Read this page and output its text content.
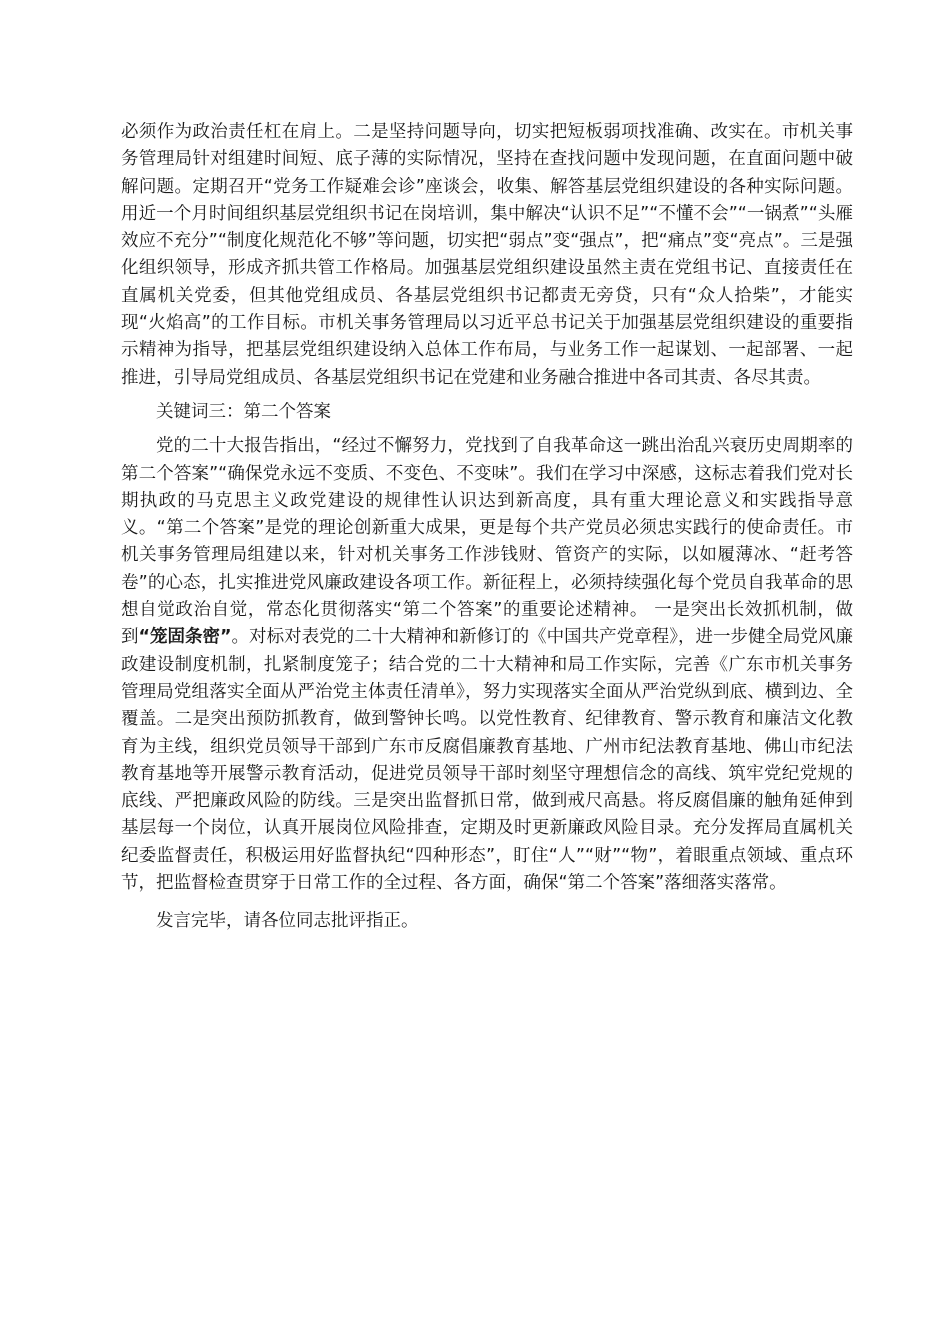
必须作为政治责任杠在肩上。二是坚持问题导向，切实把短板弱项找准确、改实在。市机关事务管理局针对组建时间短、底子薄的实际情况，坚持在查找问题中发现问题，在直面问题中破解问题。定期召开“党务工作疑难会诊”座谈会，收集、解答基层党组织建设的各种实际问题。用近一个月时间组织基层党组织书记在岗培训，集中解决“认识不足”“不懂不会”“一锅煮”“头雁效应不充分”“制度化规范化不够”等问题，切实把“弱点”变“强点”，把“痛点”变“亮点”。三是强化组织领导，形成齐抓共管工作格局。加强基层党组织建设虽然主责在党组书记、直接责任在直属机关党委，但其他党组成员、各基层党组织书记都责无旁贷，只有“众人拾柴”，才能实现“火焰高”的工作目标。市机关事务管理局以习近平总书记关于加强基层党组织建设的重要指示精神为指导，把基层党组织建设纳入总体工作布局，与业务工作一起谋划、一起部署、一起推进，引导局党组成员、各基层党组织书记在党建和业务融合推进中各司其责、各尽其责。

关键词三：第二个答案

党的二十大报告指出，“经过不懈努力，党找到了自我革命这一跳出治乱兴衰历史周期率的第二个答案”“确保党永远不变质、不变色、不变味”。我们在学习中深感，这标志着我们党对长期执政的马克思主义政党建设的规律性认识达到新高度，具有重大理论意义和实践指导意义。“第二个答案”是党的理论创新重大成果，更是每个共产党员必须忠实践行的使命责任。市机关事务管理局组建以来，针对机关事务工作涉钱财、管资产的实际，以如履薄冰、“赶考答卷”的心态，扎实推进党风廉政建设各项工作。新征程上，必须持续强化每个党员自我革命的思想自觉政治自觉，常态化贯彻落实“第二个答案”的重要论述精神。 一是突出长效抓机制，做到“笼固条密”。对标对表党的二十大精神和新修订的《中国共产党章程》，进一步健全局党风廉政建设制度机制，扎紧制度笼子；结合党的二十大精神和局工作实际，完善《广东市机关事务管理局党组落实全面从严治党主体责任清单》，努力实现落实全面从严治党纵到底、横到边、全覆盖。二是突出预防抓教育，做到警钟长鸣。以党性教育、纪律教育、警示教育和廉洁文化教育为主线，组织党员领导干部到广东市反腐倡廉教育基地、广州市纪法教育基地、佛山市纪法教育基地等开展警示教育活动，促进党员领导干部时刻坚守理想信念的高线、筑牢党纪党规的底线、严把廉政风险的防线。三是突出监督抓日常，做到戒尺高悬。将反腐倡廉的触角延伸到基层每一个岗位，认真开展岗位风险排查，定期及时更新廉政风险目录。充分发挥局直属机关纪委监督责任，积极运用好监督执纪“四种形态”，盯住“人”“财”“物”，着眼重点领域、重点环节，把监督检查贯穿于日常工作的全过程、各方面，确保“第二个答案”落细落实落常。

发言完毕，请各位同志批评指正。
